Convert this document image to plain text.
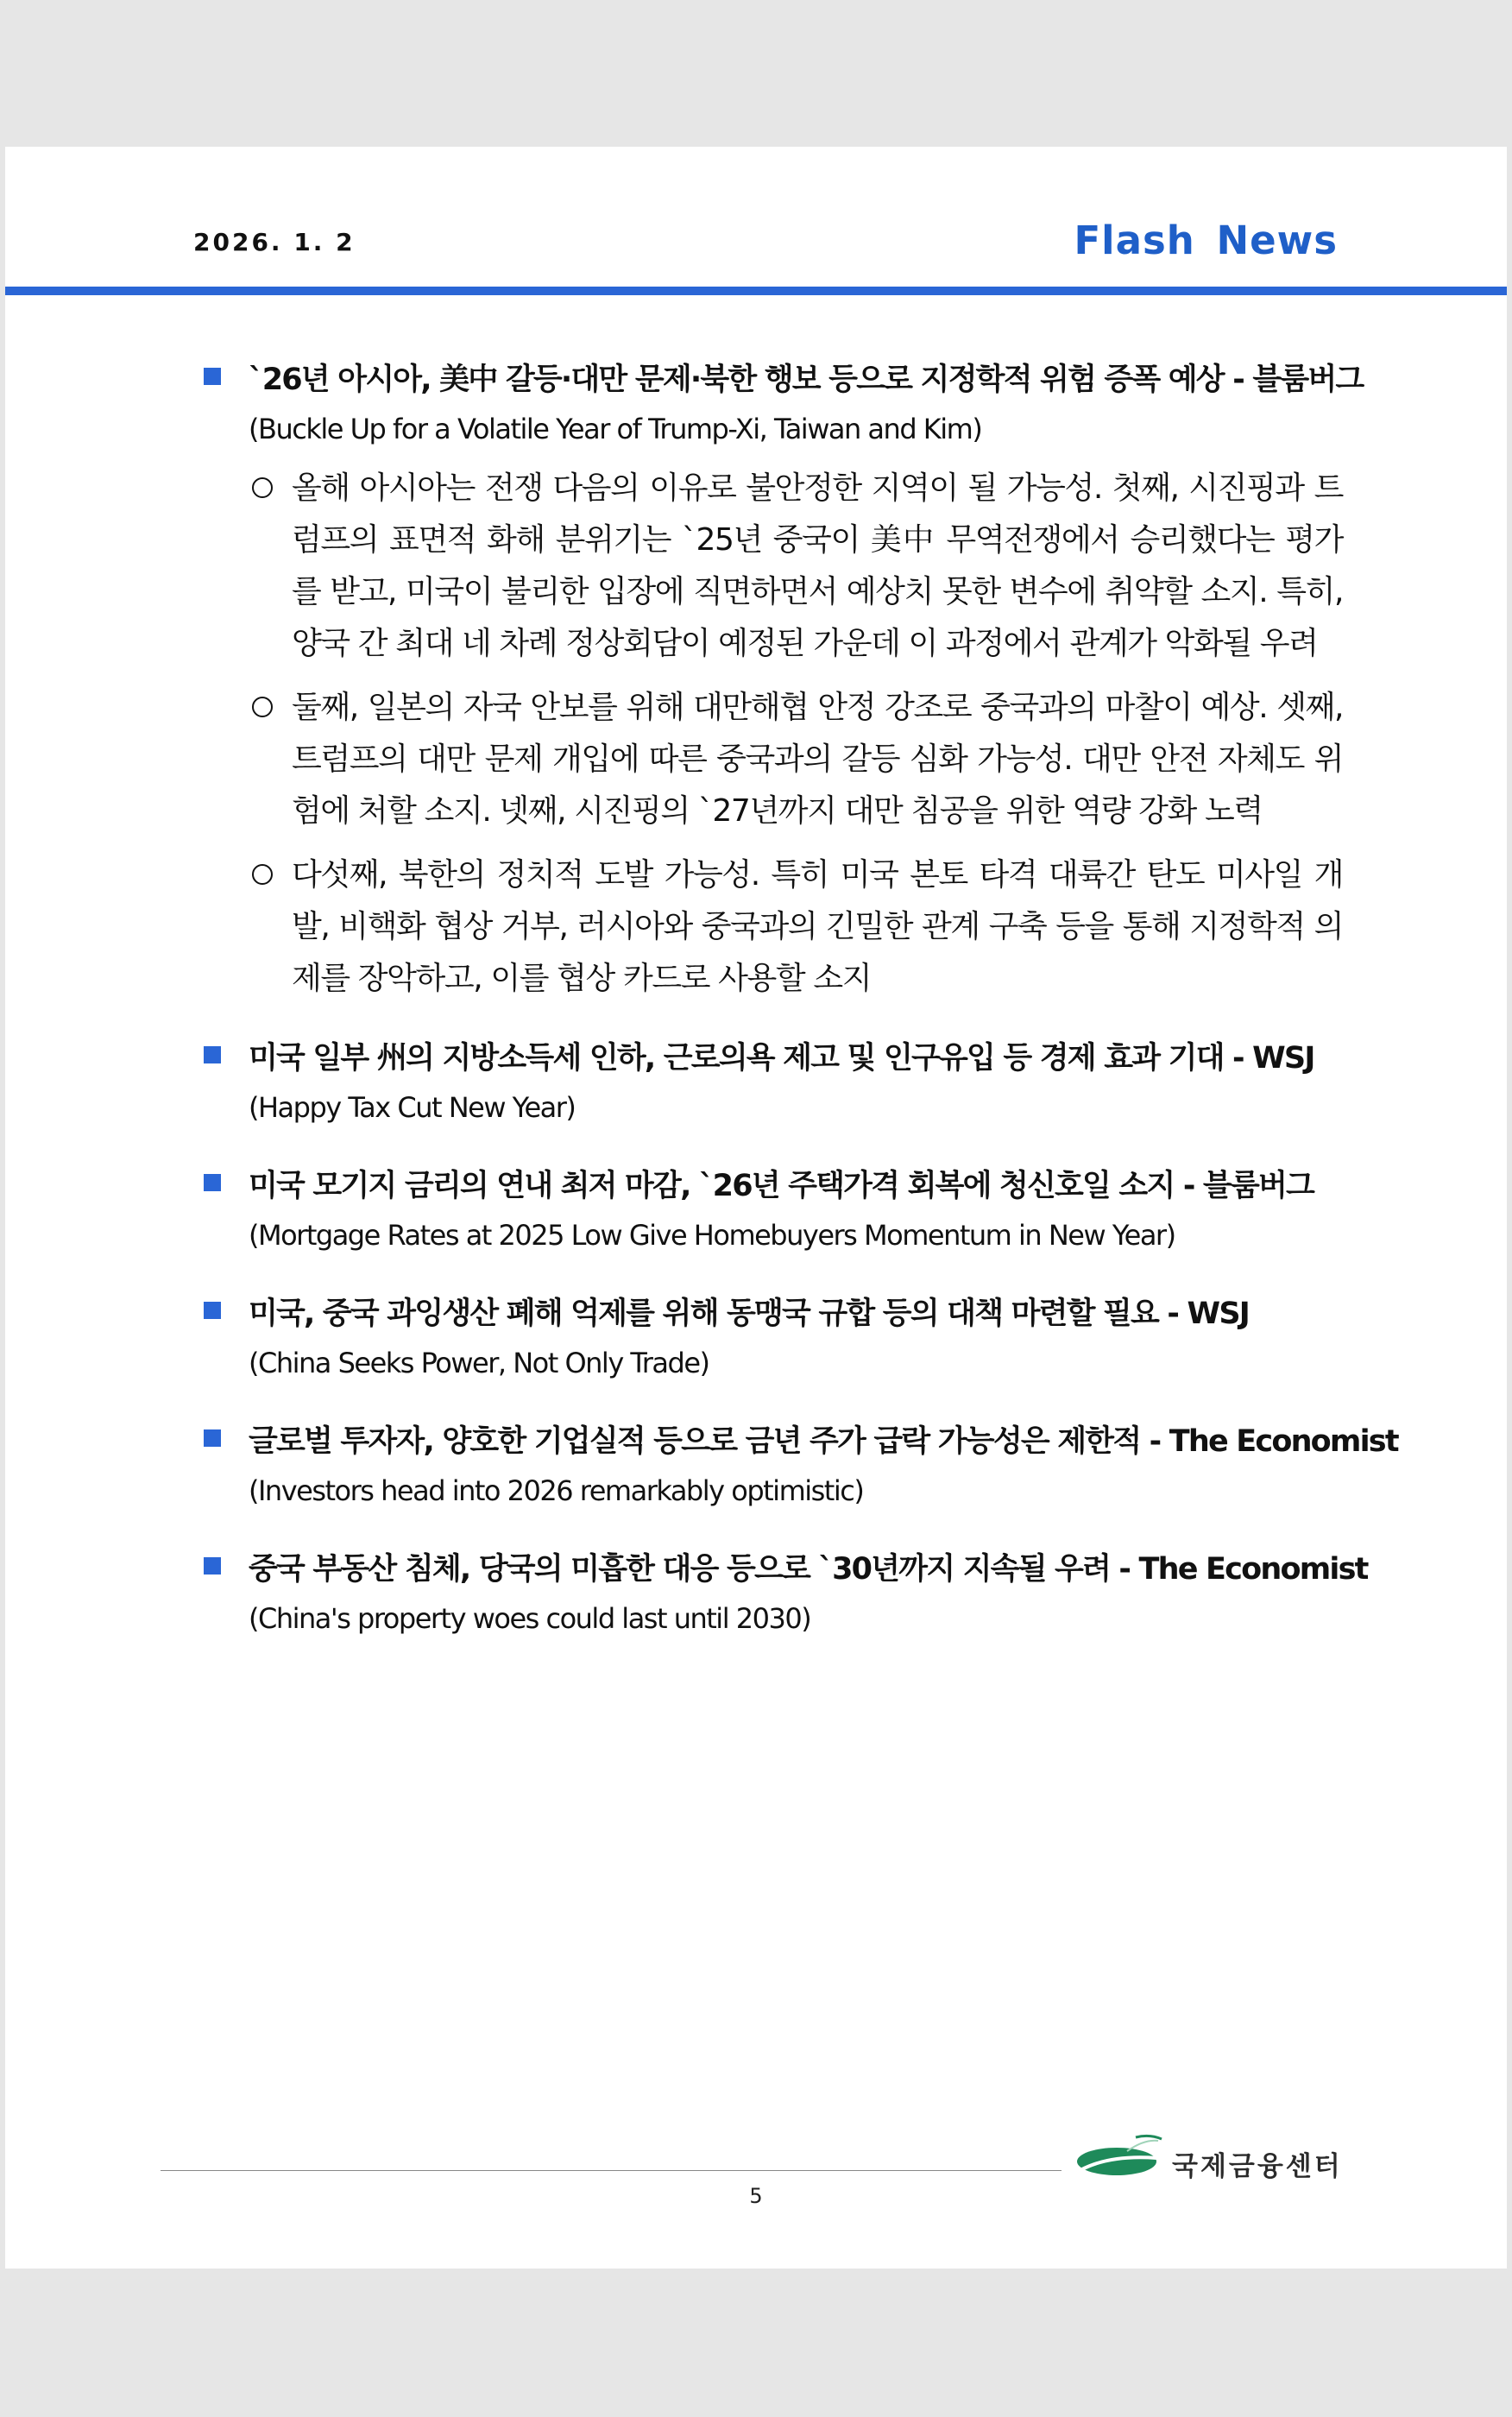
2026. 1. 2	Flash News
`26년 아시아, 美中 갈등·대만 문제·북한 행보 등으로 지정학적 위험 증폭 예상 - 블룸버그
(Buckle Up for a Volatile Year of Trump-Xi, Taiwan and Kim)
올해 아시아는 전쟁 다음의 이유로 불안정한 지역이 될 가능성. 첫째, 시진핑과 트럼프의 표면적 화해 분위기는 `25년 중국이 美中 무역전쟁에서 승리했다는 평가를 받고, 미국이 불리한 입장에 직면하면서 예상치 못한 변수에 취약할 소지. 특히, 양국 간 최대 네 차례 정상회담이 예정된 가운데 이 과정에서 관계가 악화될 우려
둘째, 일본의 자국 안보를 위해 대만해협 안정 강조로 중국과의 마찰이 예상. 셋째, 트럼프의 대만 문제 개입에 따른 중국과의 갈등 심화 가능성. 대만 안전 자체도 위험에 처할 소지. 넷째, 시진핑의 `27년까지 대만 침공을 위한 역량 강화 노력
다섯째, 북한의 정치적 도발 가능성. 특히 미국 본토 타격 대륙간 탄도 미사일 개발, 비핵화 협상 거부, 러시아와 중국과의 긴밀한 관계 구축 등을 통해 지정학적 의제를 장악하고, 이를 협상 카드로 사용할 소지
미국 일부 州의 지방소득세 인하, 근로의욕 제고 및 인구유입 등 경제 효과 기대 - WSJ
(Happy Tax Cut New Year)
미국 모기지 금리의 연내 최저 마감, `26년 주택가격 회복에 청신호일 소지 - 블룸버그
(Mortgage Rates at 2025 Low Give Homebuyers Momentum in New Year)
미국, 중국 과잉생산 폐해 억제를 위해 동맹국 규합 등의 대책 마련할 필요 - WSJ
(China Seeks Power, Not Only Trade)
글로벌 투자자, 양호한 기업실적 등으로 금년 주가 급락 가능성은 제한적 - The Economist
(Investors head into 2026 remarkably optimistic)
중국 부동산 침체, 당국의 미흡한 대응 등으로 `30년까지 지속될 우려 - The Economist
(China's property woes could last until 2030)
5
국제금융센터
